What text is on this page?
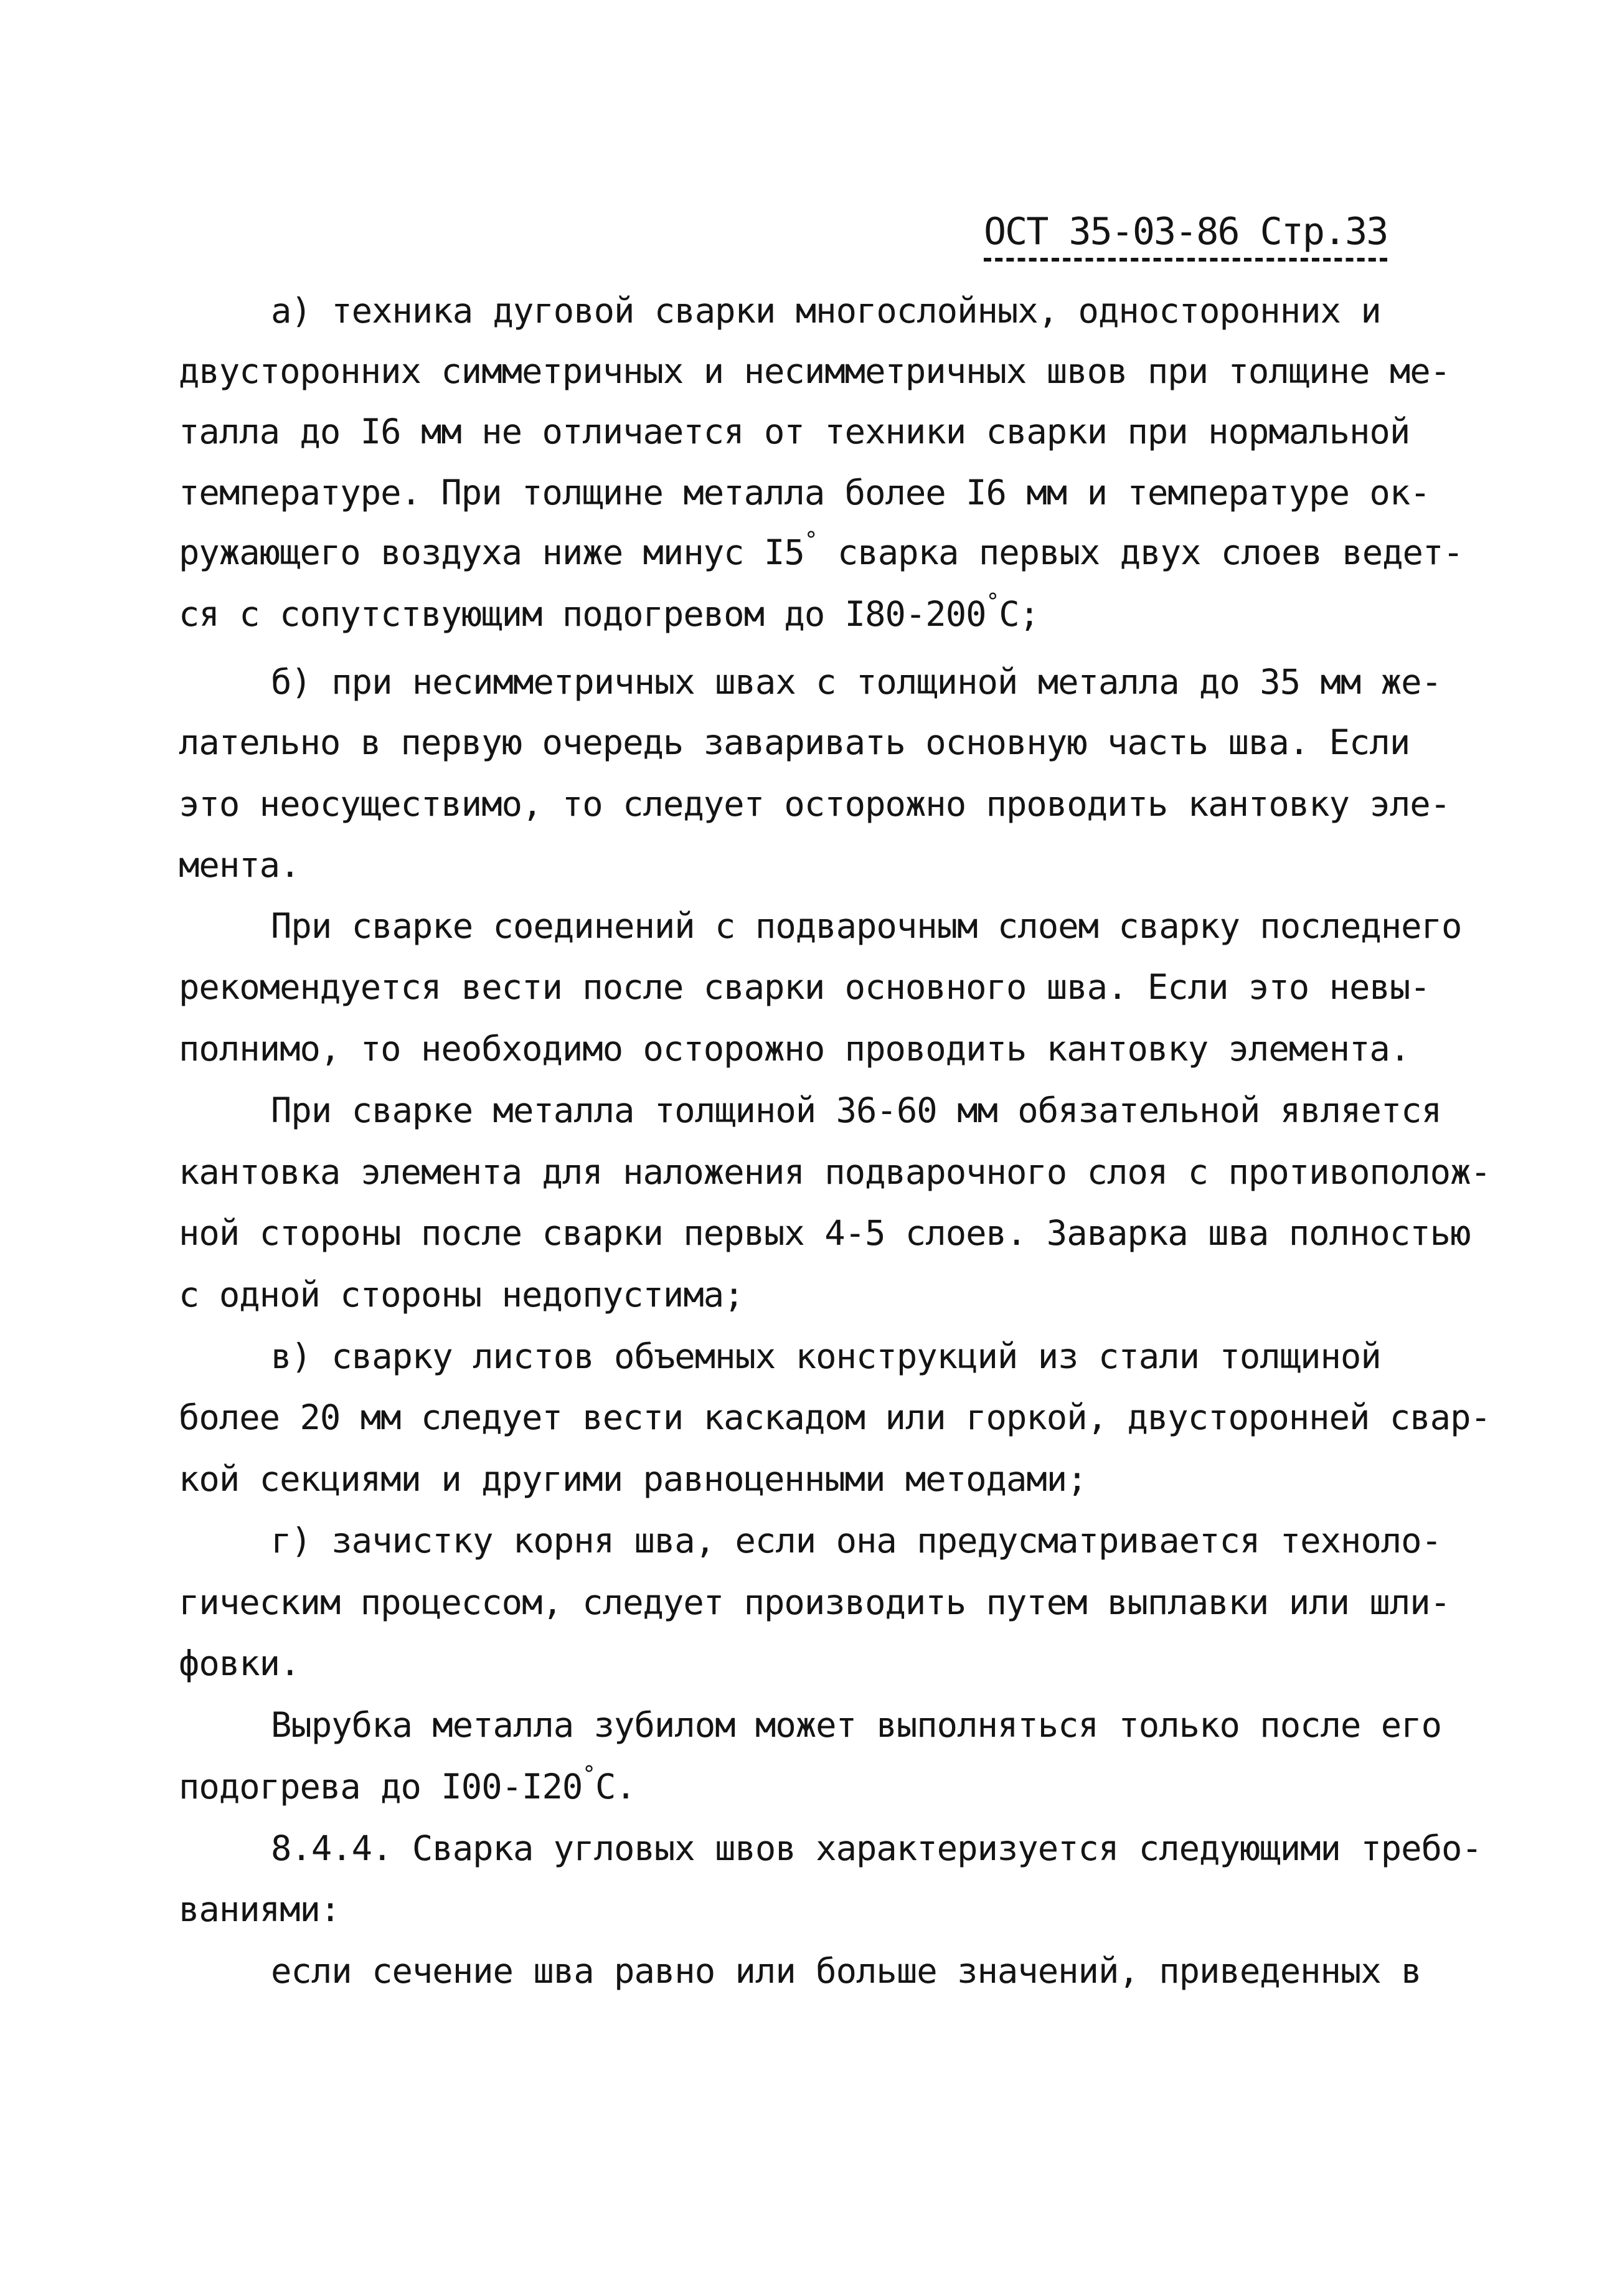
ОСТ 35-03-86 Стр.33
а) техника дуговой сварки многослойных, односторонних и
двусторонних симметричных и несимметричных швов при толщине ме-
талла до I6 мм не отличается от техники сварки при нормальной
температуре. При толщине металла более I6 мм и температуре ок-
ружающего воздуха ниже минус I5° сварка первых двух слоев ведет-
ся с сопутствующим подогревом до I80-200°С;
б) при несимметричных швах с толщиной металла до 35 мм же-
лательно в первую очередь заваривать основную часть шва. Если
это неосуществимо, то следует осторожно проводить кантовку эле-
мента.
При сварке соединений с подварочным слоем сварку последнего
рекомендуется вести после сварки основного шва. Если это невы-
полнимо, то необходимо осторожно проводить кантовку элемента.
При сварке металла толщиной 36-60 мм обязательной является
кантовка элемента для наложения подварочного слоя с противополож-
ной стороны после сварки первых 4-5 слоев. Заварка шва полностью
с одной стороны недопустима;
в) сварку листов объемных конструкций из стали толщиной
более 20 мм следует вести каскадом или горкой, двусторонней свар-
кой секциями и другими равноценными методами;
г) зачистку корня шва, если она предусматривается техноло-
гическим процессом, следует производить путем выплавки или шли-
фовки.
Вырубка металла зубилом может выполняться только после его
подогрева до I00-I20°С.
8.4.4. Сварка угловых швов характеризуется следующими требо-
ваниями:
если сечение шва равно или больше значений, приведенных в
